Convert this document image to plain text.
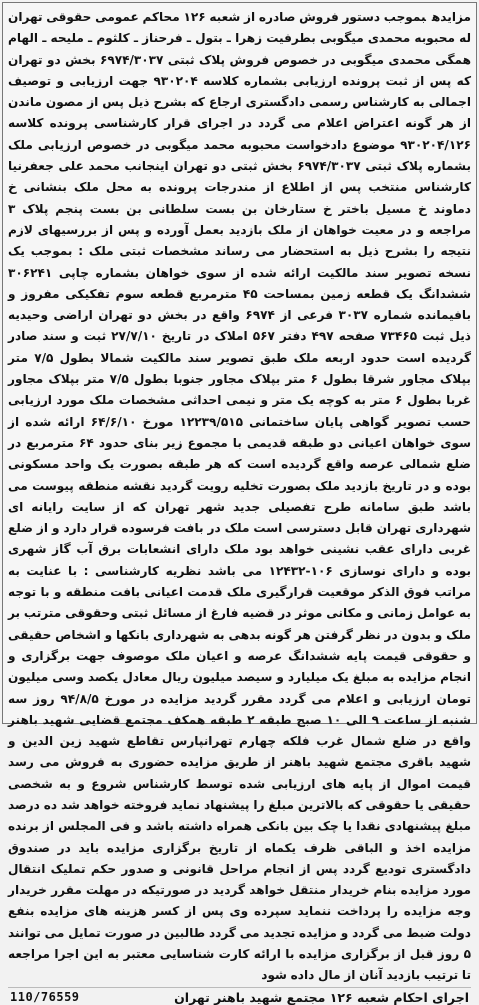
مزایدهبموجب دستور فروش صادره از شعبه ۱۲۶ محاکم عمومی حقوقی تهران له محبوبه محمدی میگوبی بطرفیت زهرا ـ بتول ـ فرحناز ـ کلثوم ـ ملیحه ـ الهام همگی محمدی میگوبی در خصوص فروش پلاک ثبتی ۶۹۷۴/۳۰۳۷ بخش دو تهران که پس از ثبت پرونده ارزیابی بشماره کلاسه ۹۳۰۲۰۴ جهت ارزیابی و توصیف اجمالی به کارشناس رسمی دادگستری ارجاع که بشرح ذیل پس از مصون ماندن از هر گونه اعتراض اعلام می گردد در اجرای قرار کارشناسی پرونده کلاسه ۹۳۰۲۰۴/۱۲۶ موضوع دادخواست محبوبه محمد میگوبی در خصوص ارزیابی ملک بشماره پلاک ثبتی ۶۹۷۴/۳۰۳۷ بخش ثبتی دو تهران اینجانب محمد علی جعفرنیا کارشناس منتخب پس از اطلاع از مندرجات پرونده به محل ملک بنشانی خ دماوند خ مسیل باختر خ ستارخان بن بست سلطانی بن بست پنجم پلاک ۳ مراجعه و در معیت خواهان از ملک بازدید بعمل آورده و پس از بررسیهای لازم نتیجه را بشرح ذیل به استحضار می رساند مشخصات ثبتی ملک : بموجب یک نسخه تصویر سند مالکیت ارائه شده از سوی خواهان بشماره چاپی ۳۰۶۲۴۱ ششدانگ یک قطعه زمین بمساحت ۴۵ مترمربع قطعه سوم تفکیکی مفروز و بافیمانده شماره ۳۰۳۷ فرعی از ۶۹۷۴ واقع در بخش دو تهران اراضی وحیدیه ذیل ثبت ۷۳۴۶۵ صفحه ۴۹۷ دفتر ۵۶۷ املاک در تاریخ ۲۷/۷/۱۰ ثبت و سند صادر گردیده است حدود اربعه ملک طبق تصویر سند مالکیت شمالا بطول ۷/۵ متر بپلاک مجاور شرقا بطول ۶ متر بپلاک مجاور جنوبا بطول ۷/۵ متر بپلاک مجاور غربا بطول ۶ متر به کوچه یک متر و نیمی احداثی مشخصات ملک مورد ارزیابی حسب تصویر گواهی پایان ساختمانی ۱۲۲۳۹/۵۱۵ مورخ ۶۴/۶/۱۰ ارائه شده از سوی خواهان اعیانی دو طبقه قدیمی با مجموع زیر بنای حدود ۶۴ مترمربع در ضلع شمالی عرصه واقع گردیده است که هر طبقه بصورت یک واحد مسکونی بوده و در تاریخ بازدید ملک بصورت تخلیه رویت گردید نقشه منطقه پیوست می باشد طبق سامانه طرح تفصیلی جدید شهر تهران که از سایت رایانه ای شهرداری تهران قابل دسترسی است ملک در بافت فرسوده قرار دارد و از ضلع غربی دارای عقب نشینی خواهد بود ملک دارای انشعابات برق آب گاز شهری بوده و دارای نوسازی ۱۰۶-۱۲۴۳۲ می باشد نظریه کارشناسی : با عنایت به مراتب فوق الذکر موقعیت قرارگیری ملک قدمت اعیانی بافت منطقه و با توجه به عوامل زمانی و مکانی موثر در قضیه فارغ از مسائل ثبتی وحقوقی مترتب بر ملک و بدون در نظر گرفتن هر گونه بدهی به شهرداری بانکها و اشخاص حقیقی و حقوقی قیمت پایه ششدانگ عرصه و اعیان ملک موصوف جهت برگزاری و انجام مزایده به مبلغ یک میلیارد و سیصد میلیون ریال معادل یکصد وسی میلیون تومان ارزیابی و اعلام می گردد مقرر گردید مزایده در مورخ ۹۴/۸/۵ روز سه شنبه از ساعت ۹ الی ۱۰ صبح طبقه ۲ طبقه همکف مجتمع قضایی شهید باهنر واقع در ضلع شمال غرب فلکه چهارم تهرانپارس تقاطع شهید زین الدین و شهید باقری مجتمع شهید باهنر از طریق مزایده حضوری به فروش می رسد قیمت اموال از پایه های ارزیابی شده توسط کارشناس شروع و به شخصی حقیقی یا حقوقی که بالاترین مبلغ را پیشنهاد نماید فروخته خواهد شد ده درصد مبلغ پیشنهادی نقدا یا چک بین بانکی همراه داشته باشد و فی المجلس از برنده مزایده اخذ و الباقی ظرف یکماه از تاریخ برگزاری مزایده باید در صندوق دادگستری تودیع گردد پس از انجام مراحل قانونی و صدور حکم تملیک انتقال مورد مزایده بنام خریدار منتقل خواهد گردید در صورتیکه در مهلت مقرر خریدار وجه مزایده را پرداخت ننماید سپرده وی پس از کسر هزینه های مزایده بنفع دولت ضبط می گردد و مزایده تجدید می گردد طالبین در صورت تمایل می توانند ۵ روز قبل از برگزاری مزایده با ارائه کارت شناسایی معتبر به این اجرا مراجعه تا ترتیب بازدید آنان از مال داده شود
اجرای احکام شعبه ۱۲۶ مجتمع شهید باهنر تهران
110/76559
